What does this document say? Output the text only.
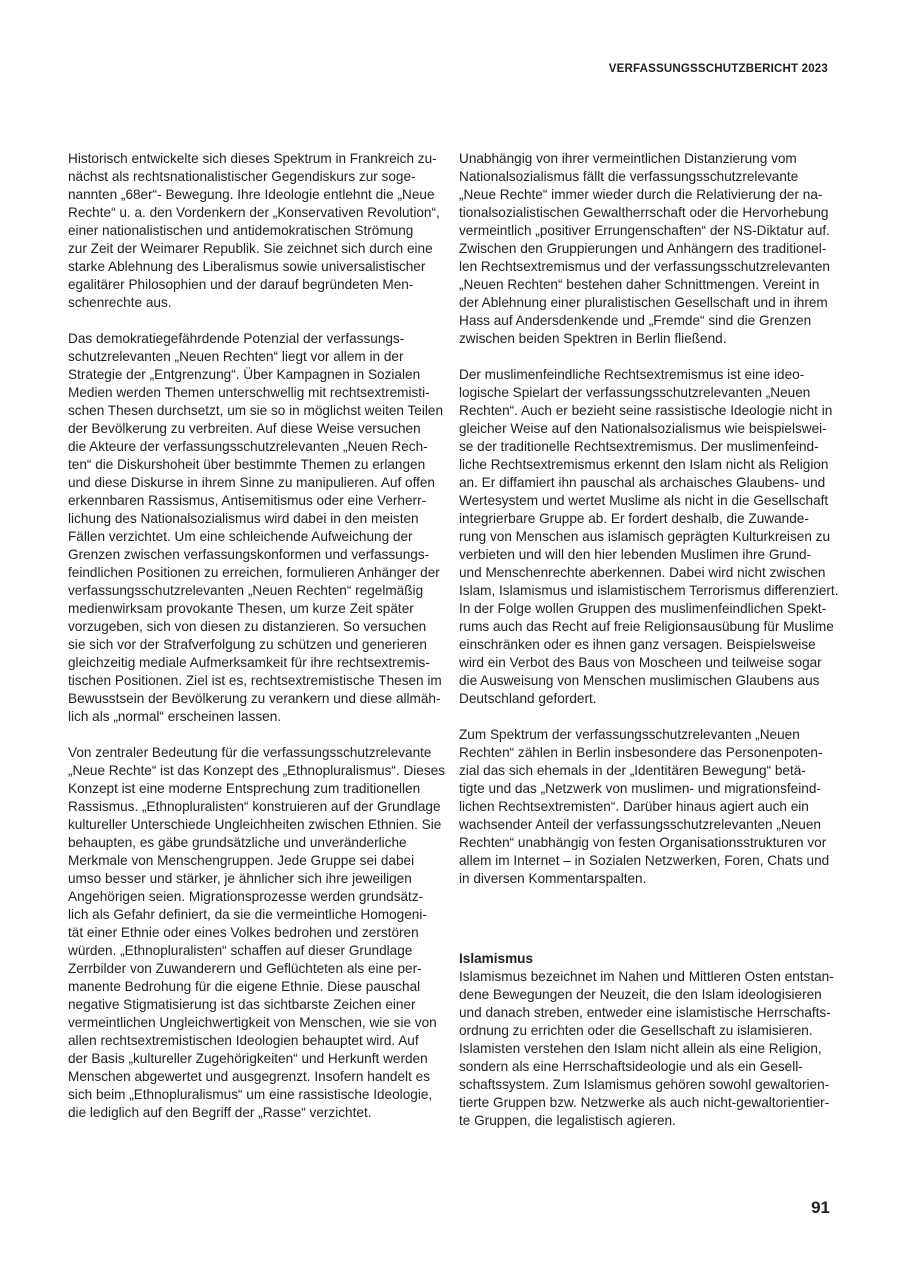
VERFASSUNGSSCHUTZBERICHT 2023

Historisch entwickelte sich dieses Spektrum in Frankreich zu-
nächst als rechtsnationalistischer Gegendiskurs zur soge-
nannten „68er“- Bewegung. Ihre Ideologie entlehnt die „Neue
Rechte“ u. a. den Vordenkern der „Konservativen Revolution“,
einer nationalistischen und antidemokratischen Strömung
zur Zeit der Weimarer Republik. Sie zeichnet sich durch eine
starke Ablehnung des Liberalismus sowie universalistischer
egalitärer Philosophien und der darauf begründeten Men-
schenrechte aus.

Das demokratiegefährdende Potenzial der verfassungs-
schutzrelevanten „Neuen Rechten“ liegt vor allem in der
Strategie der „Entgrenzung“. Über Kampagnen in Sozialen
Medien werden Themen unterschwellig mit rechtsextremisti-
schen Thesen durchsetzt, um sie so in möglichst weiten Teilen
der Bevölkerung zu verbreiten. Auf diese Weise versuchen
die Akteure der verfassungsschutzrelevanten „Neuen Rech-
ten“ die Diskurshoheit über bestimmte Themen zu erlangen
und diese Diskurse in ihrem Sinne zu manipulieren. Auf offen
erkennbaren Rassismus, Antisemitismus oder eine Verherr-
lichung des Nationalsozialismus wird dabei in den meisten
Fällen verzichtet. Um eine schleichende Aufweichung der
Grenzen zwischen verfassungskonformen und verfassungs-
feindlichen Positionen zu erreichen, formulieren Anhänger der
verfassungsschutzrelevanten „Neuen Rechten“ regelmäßig
medienwirksam provokante Thesen, um kurze Zeit später
vorzugeben, sich von diesen zu distanzieren. So versuchen
sie sich vor der Strafverfolgung zu schützen und generieren
gleichzeitig mediale Aufmerksamkeit für ihre rechtsextremis-
tischen Positionen. Ziel ist es, rechtsextremistische Thesen im
Bewusstsein der Bevölkerung zu verankern und diese allmäh-
lich als „normal“ erscheinen lassen.

Von zentraler Bedeutung für die verfassungsschutzrelevante
„Neue Rechte“ ist das Konzept des „Ethnopluralismus“. Dieses
Konzept ist eine moderne Entsprechung zum traditionellen
Rassismus. „Ethnopluralisten“ konstruieren auf der Grundlage
kultureller Unterschiede Ungleichheiten zwischen Ethnien. Sie
behaupten, es gäbe grundsätzliche und unveränderliche
Merkmale von Menschengruppen. Jede Gruppe sei dabei
umso besser und stärker, je ähnlicher sich ihre jeweiligen
Angehörigen seien. Migrationsprozesse werden grundsätz-
lich als Gefahr definiert, da sie die vermeintliche Homogeni-
tät einer Ethnie oder eines Volkes bedrohen und zerstören
würden. „Ethnopluralisten“ schaffen auf dieser Grundlage
Zerrbilder von Zuwanderern und Geflüchteten als eine per-
manente Bedrohung für die eigene Ethnie. Diese pauschal
negative Stigmatisierung ist das sichtbarste Zeichen einer
vermeintlichen Ungleichwertigkeit von Menschen, wie sie von
allen rechtsextremistischen Ideologien behauptet wird. Auf
der Basis „kultureller Zugehörigkeiten“ und Herkunft werden
Menschen abgewertet und ausgegrenzt. Insofern handelt es
sich beim „Ethnopluralismus“ um eine rassistische Ideologie,
die lediglich auf den Begriff der „Rasse“ verzichtet.

Unabhängig von ihrer vermeintlichen Distanzierung vom
Nationalsozialismus fällt die verfassungsschutzrelevante
„Neue Rechte“ immer wieder durch die Relativierung der na-
tionalsozialistischen Gewaltherrschaft oder die Hervorhebung
vermeintlich „positiver Errungenschaften“ der NS-Diktatur auf.
Zwischen den Gruppierungen und Anhängern des traditionel-
len Rechtsextremismus und der verfassungsschutzrelevanten
„Neuen Rechten“ bestehen daher Schnittmengen. Vereint in
der Ablehnung einer pluralistischen Gesellschaft und in ihrem
Hass auf Andersdenkende und „Fremde“ sind die Grenzen
zwischen beiden Spektren in Berlin fließend.

Der muslimenfeindliche Rechtsextremismus ist eine ideo-
logische Spielart der verfassungsschutzrelevanten „Neuen
Rechten“. Auch er bezieht seine rassistische Ideologie nicht in
gleicher Weise auf den Nationalsozialismus wie beispielswei-
se der traditionelle Rechtsextremismus. Der muslimenfeind-
liche Rechtsextremismus erkennt den Islam nicht als Religion
an. Er diffamiert ihn pauschal als archaisches Glaubens- und
Wertesystem und wertet Muslime als nicht in die Gesellschaft
integrierbare Gruppe ab. Er fordert deshalb, die Zuwande-
rung von Menschen aus islamisch geprägten Kulturkreisen zu
verbieten und will den hier lebenden Muslimen ihre Grund-
und Menschenrechte aberkennen. Dabei wird nicht zwischen
Islam, Islamismus und islamistischem Terrorismus differenziert.
In der Folge wollen Gruppen des muslimenfeindlichen Spekt-
rums auch das Recht auf freie Religionsausübung für Muslime
einschränken oder es ihnen ganz versagen. Beispielsweise
wird ein Verbot des Baus von Moscheen und teilweise sogar
die Ausweisung von Menschen muslimischen Glaubens aus
Deutschland gefordert.

Zum Spektrum der verfassungsschutzrelevanten „Neuen
Rechten“ zählen in Berlin insbesondere das Personenpoten-
zial das sich ehemals in der „Identitären Bewegung“ betä-
tigte und das „Netzwerk von muslimen- und migrationsfeind-
lichen Rechtsextremisten“. Darüber hinaus agiert auch ein
wachsender Anteil der verfassungsschutzrelevanten „Neuen
Rechten“ unabhängig von festen Organisationsstrukturen vor
allem im Internet – in Sozialen Netzwerken, Foren, Chats und
in diversen Kommentarspalten.

Islamismus

Islamismus bezeichnet im Nahen und Mittleren Osten entstan-
dene Bewegungen der Neuzeit, die den Islam ideologisieren
und danach streben, entweder eine islamistische Herrschafts-
ordnung zu errichten oder die Gesellschaft zu islamisieren.
Islamisten verstehen den Islam nicht allein als eine Religion,
sondern als eine Herrschaftsideologie und als ein Gesell-
schaftssystem. Zum Islamismus gehören sowohl gewaltorien-
tierte Gruppen bzw. Netzwerke als auch nicht-gewaltorientier-
te Gruppen, die legalistisch agieren.

91
